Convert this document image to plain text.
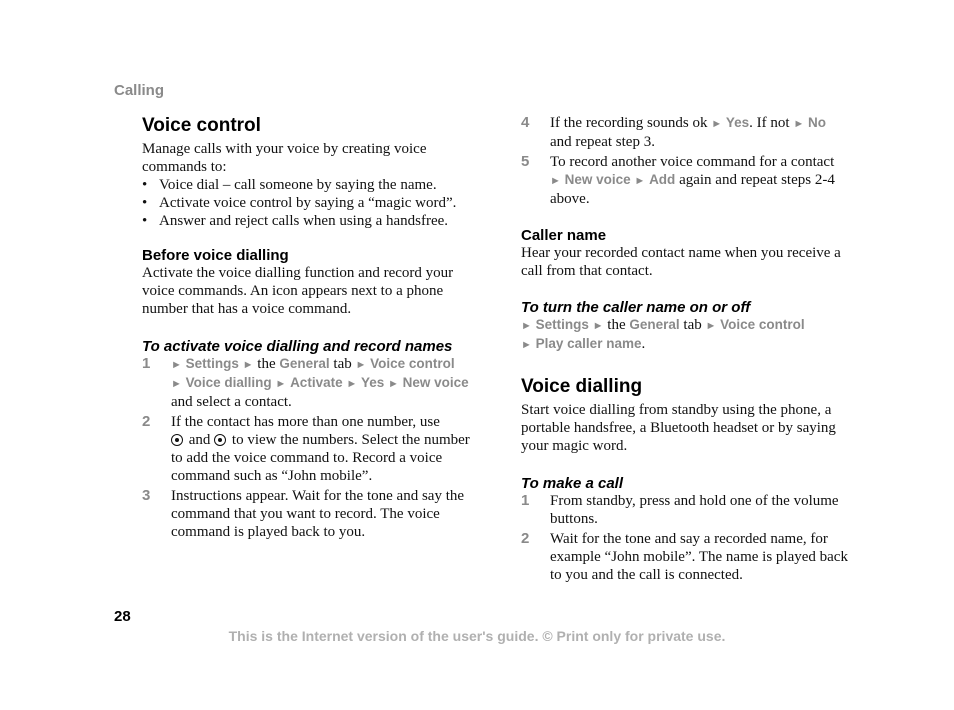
Calling

Voice control

Manage calls with your voice by creating voice commands to:

• Voice dial – call someone by saying the name.
• Activate voice control by saying a “magic word”.
• Answer and reject calls when using a handsfree.
Before voice dialling

Activate the voice dialling function and record your voice commands. An icon appears next to a phone number that has a voice command.

To activate voice dialling and record names
1 ► Settings ► the General tab ► Voice control
► Voice dialling ► Activate ► Yes ► New voice
and select a contact.
2 If the contact has more than one number, use
and to view the numbers. Select the number to add the voice command to. Record a voice command such as “John mobile”.
3 Instructions appear. Wait for the tone and say the command that you want to record. The voice command is played back to you.
4 If the recording sounds ok ► Yes. If not ► No
and repeat step 3.
5 To record another voice command for a contact
► New voice ► Add again and repeat steps 2-4 above.
Caller name

Hear your recorded contact name when you receive a call from that contact.

To turn the caller name on or off

► Settings ► the General tab ► Voice control
► Play caller name.

Voice dialling

Start voice dialling from standby using the phone, a portable handsfree, a Bluetooth headset or by saying your magic word.

To make a call
1 From standby, press and hold one of the volume buttons.
2 Wait for the tone and say a recorded name, for example “John mobile”. The name is played back to you and the call is connected.

28

This is the Internet version of the user's guide. © Print only for private use.
